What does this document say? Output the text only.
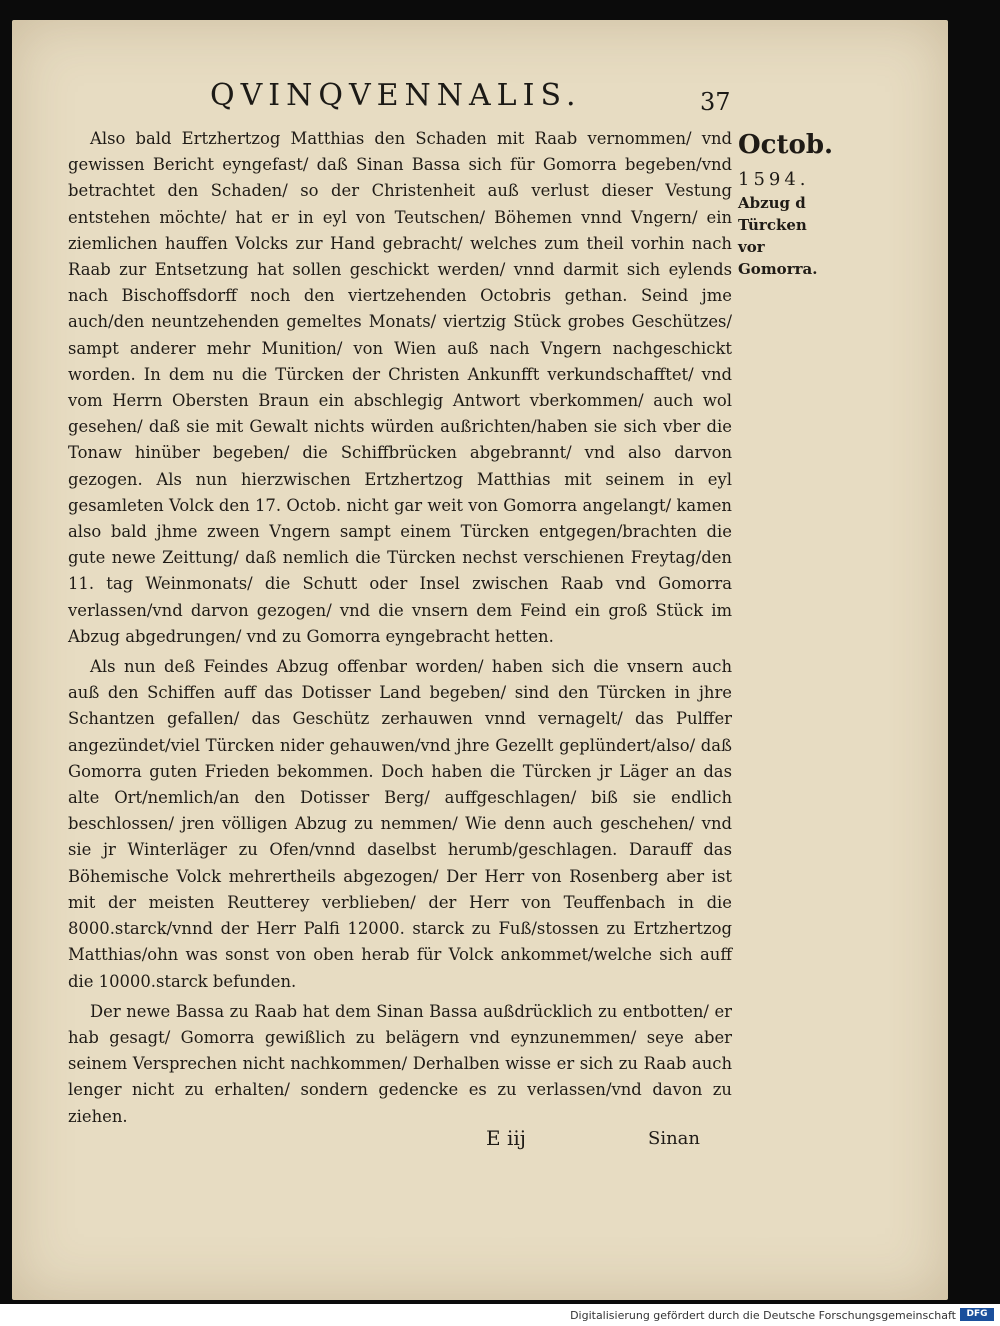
QVINQVENNALIS.	37

Also bald Ertzhertzog Matthias den Schaden mit Raab vernommen/ vnd gewissen Bericht eyngefast/ daß Sinan Bassa sich für Gomorra begeben/vnd betrachtet den Schaden/ so der Christenheit auß verlust dieser Vestung entstehen möchte/ hat er in eyl von Teutschen/ Böhemen vnnd Vngern/ ein ziemlichen hauffen Volcks zur Hand gebracht/ welches zum theil vorhin nach Raab zur Entsetzung hat sollen geschickt werden/ vnnd darmit sich eylends nach Bischoffsdorff noch den viertzehenden Octobris gethan. Seind jme auch/den neuntzehenden gemeltes Monats/ viertzig Stück grobes Geschützes/ sampt anderer mehr Munition/ von Wien auß nach Vngern nachgeschickt worden. In dem nu die Türcken der Christen Ankunfft verkundschafftet/ vnd vom Herrn Obersten Braun ein abschlegig Antwort vberkommen/ auch wol gesehen/ daß sie mit Gewalt nichts würden außrichten/haben sie sich vber die Tonaw hinüber begeben/ die Schiffbrücken abgebrannt/ vnd also darvon gezogen. Als nun hierzwischen Ertzhertzog Matthias mit seinem in eyl gesamleten Volck den 17. Octob. nicht gar weit von Gomorra angelangt/ kamen also bald jhme zween Vngern sampt einem Türcken entgegen/brachten die gute newe Zeittung/ daß nemlich die Türcken nechst verschienen Freytag/den 11. tag Weinmonats/ die Schutt oder Insel zwischen Raab vnd Gomorra verlassen/vnd darvon gezogen/ vnd die vnsern dem Feind ein groß Stück im Abzug abgedrungen/ vnd zu Gomorra eyngebracht hetten.

Als nun deß Feindes Abzug offenbar worden/ haben sich die vnsern auch auß den Schiffen auff das Dotisser Land begeben/ sind den Türcken in jhre Schantzen gefallen/ das Geschütz zerhauwen vnnd vernagelt/ das Pulffer angezündet/viel Türcken nider gehauwen/vnd jhre Gezellt geplündert/also/ daß Gomorra guten Frieden bekommen. Doch haben die Türcken jr Läger an das alte Ort/nemlich/an den Dotisser Berg/ auffgeschlagen/ biß sie endlich beschlossen/ jren völligen Abzug zu nemmen/ Wie denn auch geschehen/ vnd sie jr Winterläger zu Ofen/vnnd daselbst herumb/geschlagen. Darauff das Böhemische Volck mehrertheils abgezogen/ Der Herr von Rosenberg aber ist mit der meisten Reutterey verblieben/ der Herr von Teuffenbach in die 8000.starck/vnnd der Herr Palfi 12000. starck zu Fuß/stossen zu Ertzhertzog Matthias/ohn was sonst von oben herab für Volck ankommet/welche sich auff die 10000.starck befunden.

Der newe Bassa zu Raab hat dem Sinan Bassa außdrücklich zu entbotten/ er hab gesagt/ Gomorra gewißlich zu belägern vnd eynzunemmen/ seye aber seinem Versprechen nicht nachkommen/ Derhalben wisse er sich zu Raab auch lenger nicht zu erhalten/ sondern gedencke es zu verlassen/vnd davon zu ziehen.

Octob.
1594.
Abzug d Türcken vor Gomorra.
E iij	Sinan
Digitalisierung gefördert durch die Deutsche Forschungsgemeinschaft	DFG
